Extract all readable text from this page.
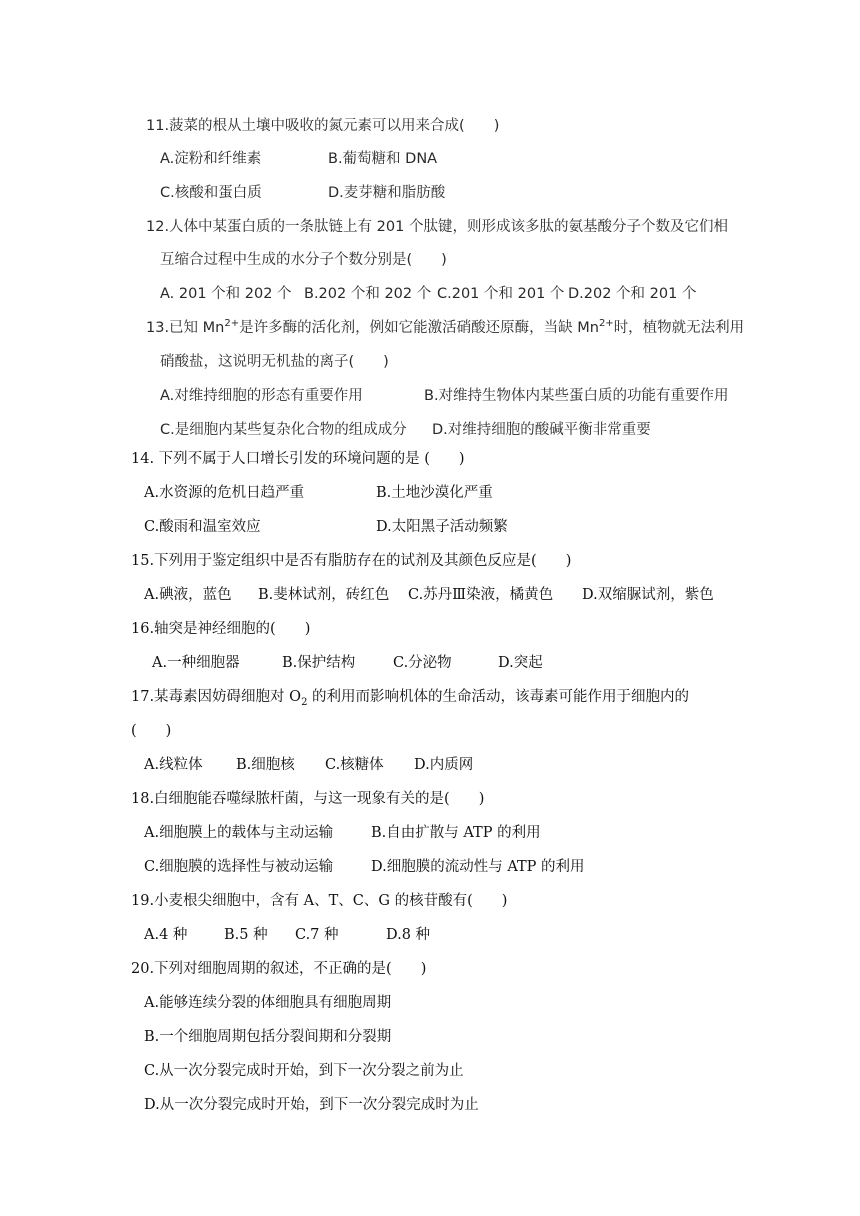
11.菠菜的根从土壤中吸收的氮元素可以用来合成(　　)
A.淀粉和纤维素	B.葡萄糖和 DNA
C.核酸和蛋白质	D.麦芽糖和脂肪酸
12.人体中某蛋白质的一条肽链上有 201 个肽键，则形成该多肽的氨基酸分子个数及它们相
互缩合过程中生成的水分子个数分别是(　　)
A. 201 个和 202 个 B.202 个和 202 个 C.201 个和 201 个 D.202 个和 201 个
13.已知 $Mn^{2+}$是许多酶的活化剂，例如它能激活硝酸还原酶，当缺 $Mn^{2+}$时，植物就无法利用
硝酸盐，这说明无机盐的离子(　　)
A.对维持细胞的形态有重要作用	B.对维持生物体内某些蛋白质的功能有重要作用
C.是细胞内某些复杂化合物的组成成分 D.对维持细胞的酸碱平衡非常重要
14. 下列不属于人口增长引发的环境问题的是 (　　)
A.水资源的危机日趋严重	B.土地沙漠化严重
C.酸雨和温室效应	D.太阳黑子活动频繁
15.下列用于鉴定组织中是否有脂肪存在的试剂及其颜色反应是(　　)
A.碘液，蓝色 B.斐林试剂，砖红色 C.苏丹Ⅲ染液，橘黄色 D.双缩脲试剂，紫色
16.轴突是神经细胞的(　　)
A.一种细胞器	B.保护结构	C.分泌物	D.突起
17.某毒素因妨碍细胞对 $O_2$ 的利用而影响机体的生命活动，该毒素可能作用于细胞内的
(　　)
A.线粒体 B.细胞核 C.核糖体 D.内质网
18.白细胞能吞噬绿脓杆菌，与这一现象有关的是(　　)
A.细胞膜上的载体与主动运输	B.自由扩散与 ATP 的利用
C.细胞膜的选择性与被动运输	D.细胞膜的流动性与 ATP 的利用
19.小麦根尖细胞中，含有 A、T、C、G 的核苷酸有(　　)
A.4 种	B.5 种 C.7 种	D.8 种
20.下列对细胞周期的叙述，不正确的是(　　)
A.能够连续分裂的体细胞具有细胞周期
B.一个细胞周期包括分裂间期和分裂期
C.从一次分裂完成时开始，到下一次分裂之前为止
D.从一次分裂完成时开始，到下一次分裂完成时为止
